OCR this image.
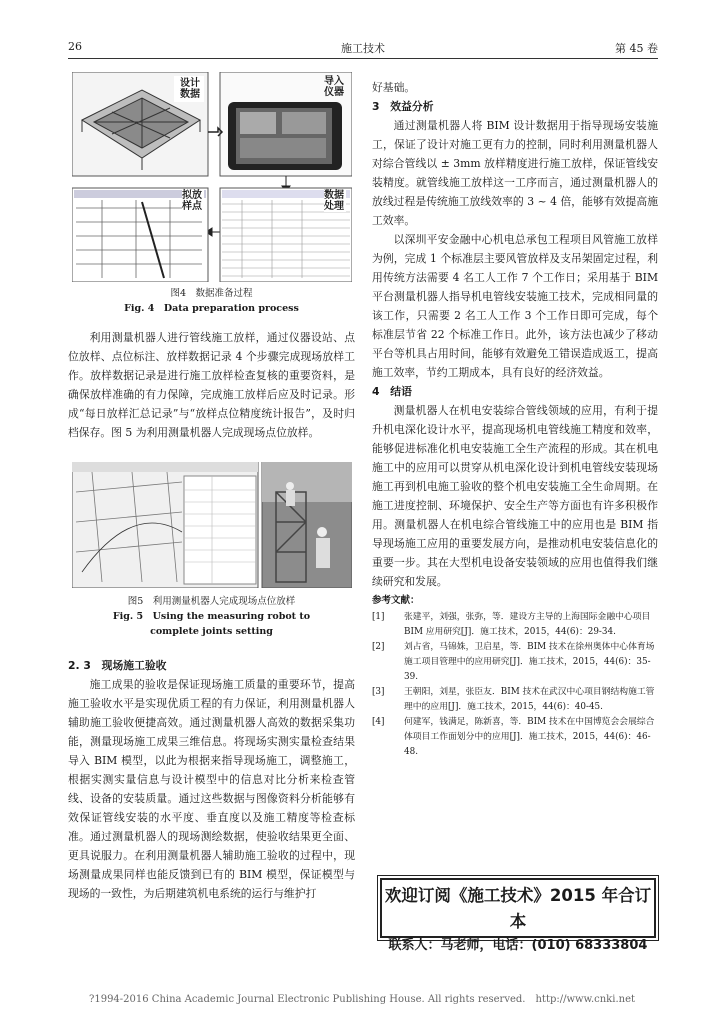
26	施工技术	第 45 卷
设计数据
导入仪器
拟放样点
数据处理
图4　数据准备过程
Fig. 4　Data preparation process

利用测量机器人进行管线施工放样，通过仪器设站、点位放样、点位标注、放样数据记录 4 个步骤完成现场放样工作。放样数据记录是进行施工放样检查复核的重要资料，是确保放样准确的有力保障，完成施工放样后应及时记录。形成“每日放样汇总记录”与“放样点位精度统计报告”，及时归档保存。图 5 为利用测量机器人完成现场点位放样。

图5　利用测量机器人完成现场点位放样
Fig. 5　Using the measuring robot to
complete joints setting
2. 3　现场施工验收

施工成果的验收是保证现场施工质量的重要环节，提高施工验收水平是实现优质工程的有力保证，利用测量机器人辅助施工验收便捷高效。通过测量机器人高效的数据采集功能，测量现场施工成果三维信息。将现场实测实量检查结果导入 BIM 模型，以此为根据来指导现场施工，调整施工，根据实测实量信息与设计模型中的信息对比分析来检查管线、设备的安装质量。通过这些数据与图像资料分析能够有效保证管线安装的水平度、垂直度以及施工精度等检查标准。通过测量机器人的现场测绘数据，使验收结果更全面、更具说服力。在利用测量机器人辅助施工验收的过程中，现场测量成果同样也能反馈到已有的 BIM 模型，保证模型与现场的一致性，为后期建筑机电系统的运行与维护打

好基础。
3　效益分析

通过测量机器人将 BIM 设计数据用于指导现场安装施工，保证了设计对施工更有力的控制，同时利用测量机器人对综合管线以 ± 3mm 放样精度进行施工放样，保证管线安装精度。就管线施工放样这一工序而言，通过测量机器人的放线过程是传统施工放线效率的 3 ~ 4 倍，能够有效提高施工效率。

以深圳平安金融中心机电总承包工程项目风管施工放样为例，完成 1 个标准层主要风管放样及支吊架固定过程，利用传统方法需要 4 名工人工作 7 个工作日；采用基于 BIM 平台测量机器人指导机电管线安装施工技术，完成相同量的该工作，只需要 2 名工人工作 3 个工作日即可完成，每个标准层节省 22 个标准工作日。此外，该方法也减少了移动平台等机具占用时间，能够有效避免工错误造成返工，提高施工效率，节约工期成本，具有良好的经济效益。

4　结语

测量机器人在机电安装综合管线领域的应用，有利于提升机电深化设计水平，提高现场机电管线施工精度和效率，能够促进标准化机电安装施工全生产流程的形成。其在机电施工中的应用可以贯穿从机电深化设计到机电管线安装现场施工再到机电施工验收的整个机电安装施工全生命周期。在施工进度控制、环境保护、安全生产等方面也有许多积极作用。测量机器人在机电综合管线施工中的应用也是 BIM 指导现场施工应用的重要发展方向，是推动机电安装信息化的重要一步。其在大型机电设备安装领域的应用也值得我们继续研究和发展。

参考文献：
[1]	张建平，刘强，张弥，等．建设方主导的上海国际金融中心项目 BIM 应用研究[J]．施工技术，2015，44(6)：29-34.
[2]	刘占省，马锦姝，卫启星，等．BIM 技术在徐州奥体中心体育场施工项目管理中的应用研究[J]．施工技术，2015，44(6)：35-39.
[3]	王朝阳，刘星，张臣友．BIM 技术在武汉中心项目钢结构施工管理中的应用[J]．施工技术，2015，44(6)：40-45.
[4]	何建军，钱满足，陈新喜，等．BIM 技术在中国博览会会展综合体项目工作面划分中的应用[J]．施工技术，2015，44(6)：46-48.
欢迎订阅《施工技术》2015 年合订本
联系人：马老师，电话：(010) 68333804
?1994-2016 China Academic Journal Electronic Publishing House. All rights reserved.　http://www.cnki.net
